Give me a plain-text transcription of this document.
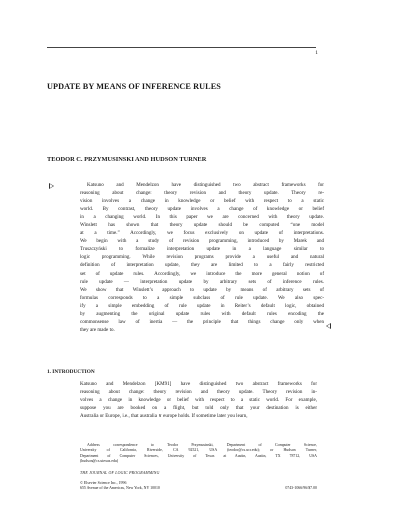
1
UPDATE BY MEANS OF INFERENCE RULES
TEODOR C. PRZYMUSINSKI AND HUDSON TURNER
Katsuno and Mendelzon have distinguished two abstract frameworks for
reasoning about change: theory revision and theory update. Theory re-
vision involves a change in knowledge or belief with respect to a static
world. By contrast, theory update involves a change of knowledge or belief
in a changing world. In this paper we are concerned with theory update.
Winslett has shown that theory update should be computed “one model
at a time.” Accordingly, we focus exclusively on update of interpretations.
We begin with a study of revision programming, introduced by Marek and
Truszczyński to formalize interpretation update in a language similar to
logic programming. While revision programs provide a useful and natural
definition of interpretation update, they are limited to a fairly restricted
set of update rules. Accordingly, we introduce the more general notion of
rule update — interpretation update by arbitrary sets of inference rules.
We show that Winslett’s approach to update by means of arbitrary sets of
formulas corresponds to a simple subclass of rule update. We also spec-
ify a simple embedding of rule update in Reiter’s default logic, obtained
by augmenting the original update rules with default rules encoding the
commonsense law of inertia — the principle that things change only when
they are made to.
1. INTRODUCTION
Katsuno and Mendelzon [KM91] have distinguished two abstract frameworks for
reasoning about change: theory revision and theory update. Theory revision in-
volves a change in knowledge or belief with respect to a static world. For example,
suppose you are booked on a flight, but told only that your destination is either
Australia or Europe, i.e., that australia ∨ europe holds. If sometime later you learn,
Address correspondence to Teodor Przymusinski, Department of Computer Science,
University of California, Riverside, CA 92521, USA (teodor@cs.ucr.edu); or Hudson Turner,
Department of Computer Sciences, University of Texas at Austin, Austin, TX 78712, USA
(hudson@cs.utexas.edu)
THE JOURNAL OF LOGIC PROGRAMMING
© Elsevier Science Inc., 1996
655 Avenue of the Americas, New York, NY 10010	0743-1066/96/$7.00
